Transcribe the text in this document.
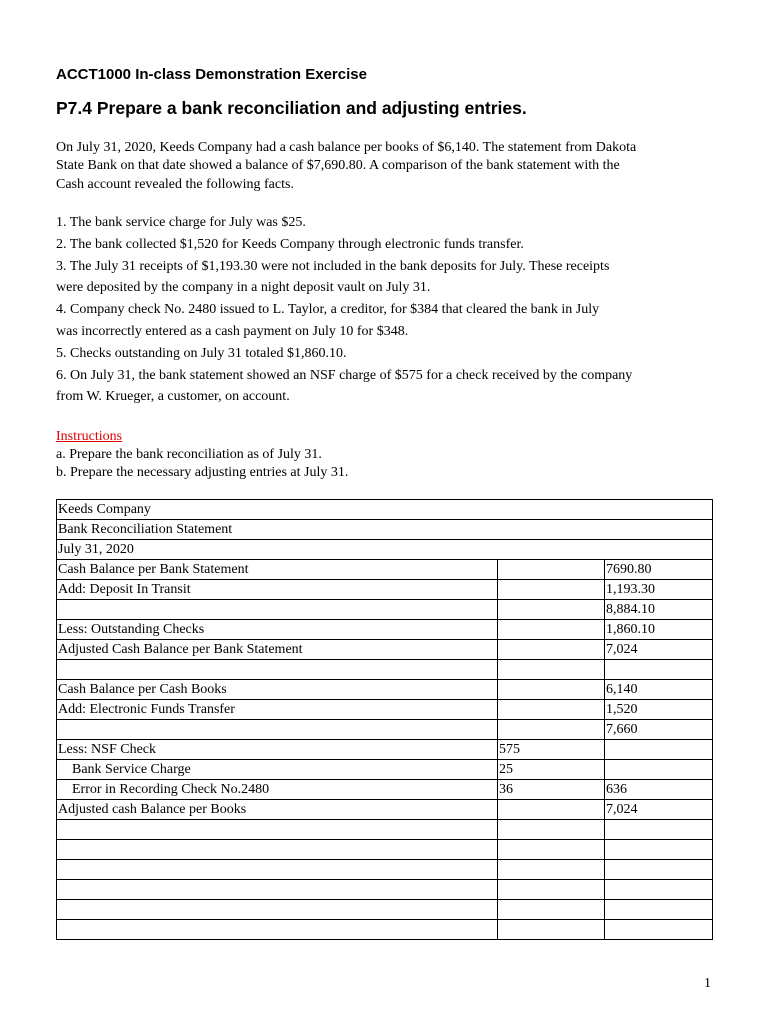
ACCT1000 In-class Demonstration Exercise
P7.4 Prepare a bank reconciliation and adjusting entries.
On July 31, 2020, Keeds Company had a cash balance per books of $6,140. The statement from Dakota
State Bank on that date showed a balance of $7,690.80. A comparison of the bank statement with the
Cash account revealed the following facts.
1. The bank service charge for July was $25.
2. The bank collected $1,520 for Keeds Company through electronic funds transfer.
3. The July 31 receipts of $1,193.30 were not included in the bank deposits for July. These receipts
were deposited by the company in a night deposit vault on July 31.
4. Company check No. 2480 issued to L. Taylor, a creditor, for $384 that cleared the bank in July
was incorrectly entered as a cash payment on July 10 for $348.
5. Checks outstanding on July 31 totaled $1,860.10.
6. On July 31, the bank statement showed an NSF charge of $575 for a check received by the company
from W. Krueger, a customer, on account.
Instructions
a. Prepare the bank reconciliation as of July 31.
b. Prepare the necessary adjusting entries at July 31.
Keeds Company		
Bank Reconciliation Statement		
July 31, 2020		
Cash Balance per Bank Statement		7690.80
Add: Deposit In Transit		1,193.30
		8,884.10
Less: Outstanding Checks		1,860.10
Adjusted Cash Balance per Bank Statement		7,024

Cash Balance per Cash Books		6,140
Add: Electronic Funds Transfer		1,520
		7,660
Less: NSF Check	575	
Bank Service Charge	25	
Error in Recording Check No.2480	36	636
Adjusted cash Balance per Books		7,024

1
